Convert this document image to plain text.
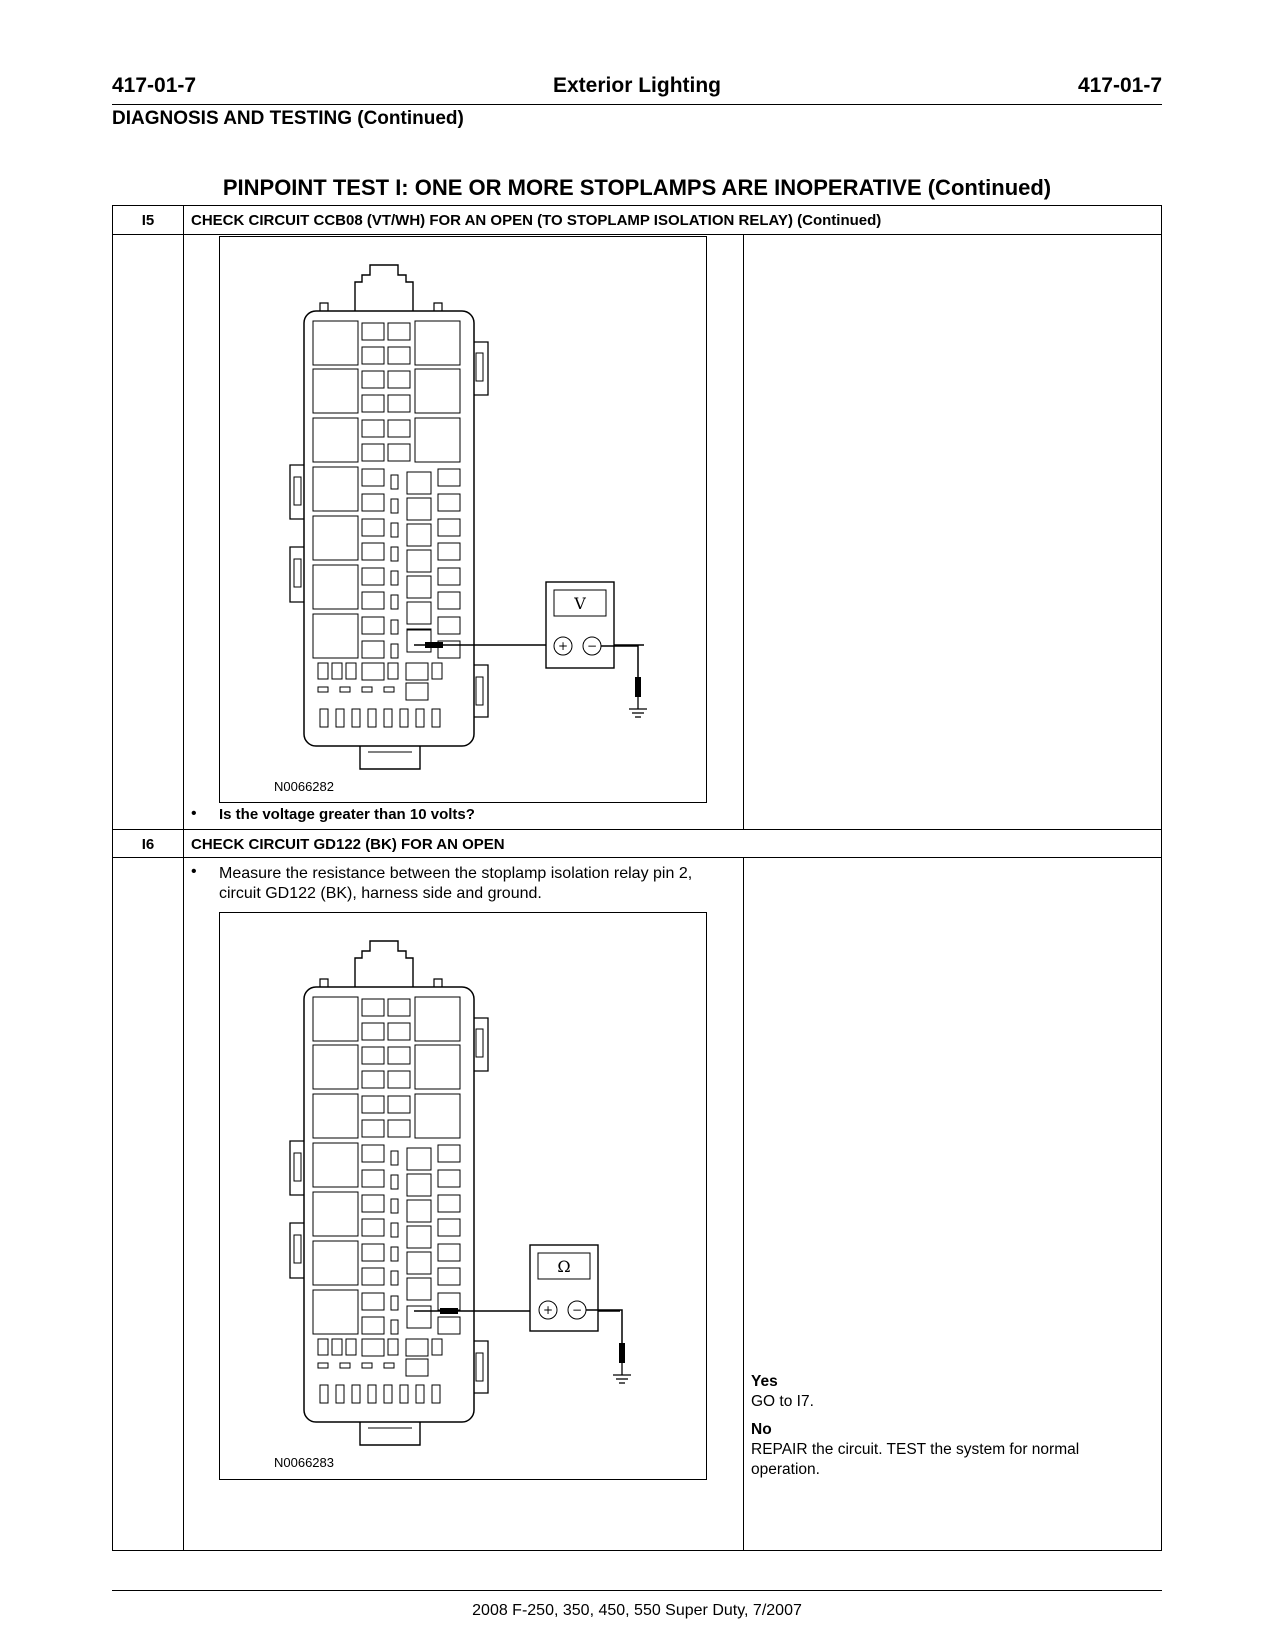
417-01-7	Exterior Lighting	417-01-7
DIAGNOSIS AND TESTING (Continued)
PINPOINT TEST I: ONE OR MORE STOPLAMPS ARE INOPERATIVE (Continued)
I5	CHECK CIRCUIT CCB08 (VT/WH) FOR AN OPEN (TO STOPLAMP ISOLATION RELAY) (Continued)
V
+ −
N0066282
• Is the voltage greater than 10 volts?
I6	CHECK CIRCUIT GD122 (BK) FOR AN OPEN
• Measure the resistance between the stoplamp isolation relay pin 2,
circuit GD122 (BK), harness side and ground.
Ω
+ −
N0066283
Yes
GO to I7.
No
REPAIR the circuit. TEST the system for normal
operation.
2008 F-250, 350, 450, 550 Super Duty, 7/2007
